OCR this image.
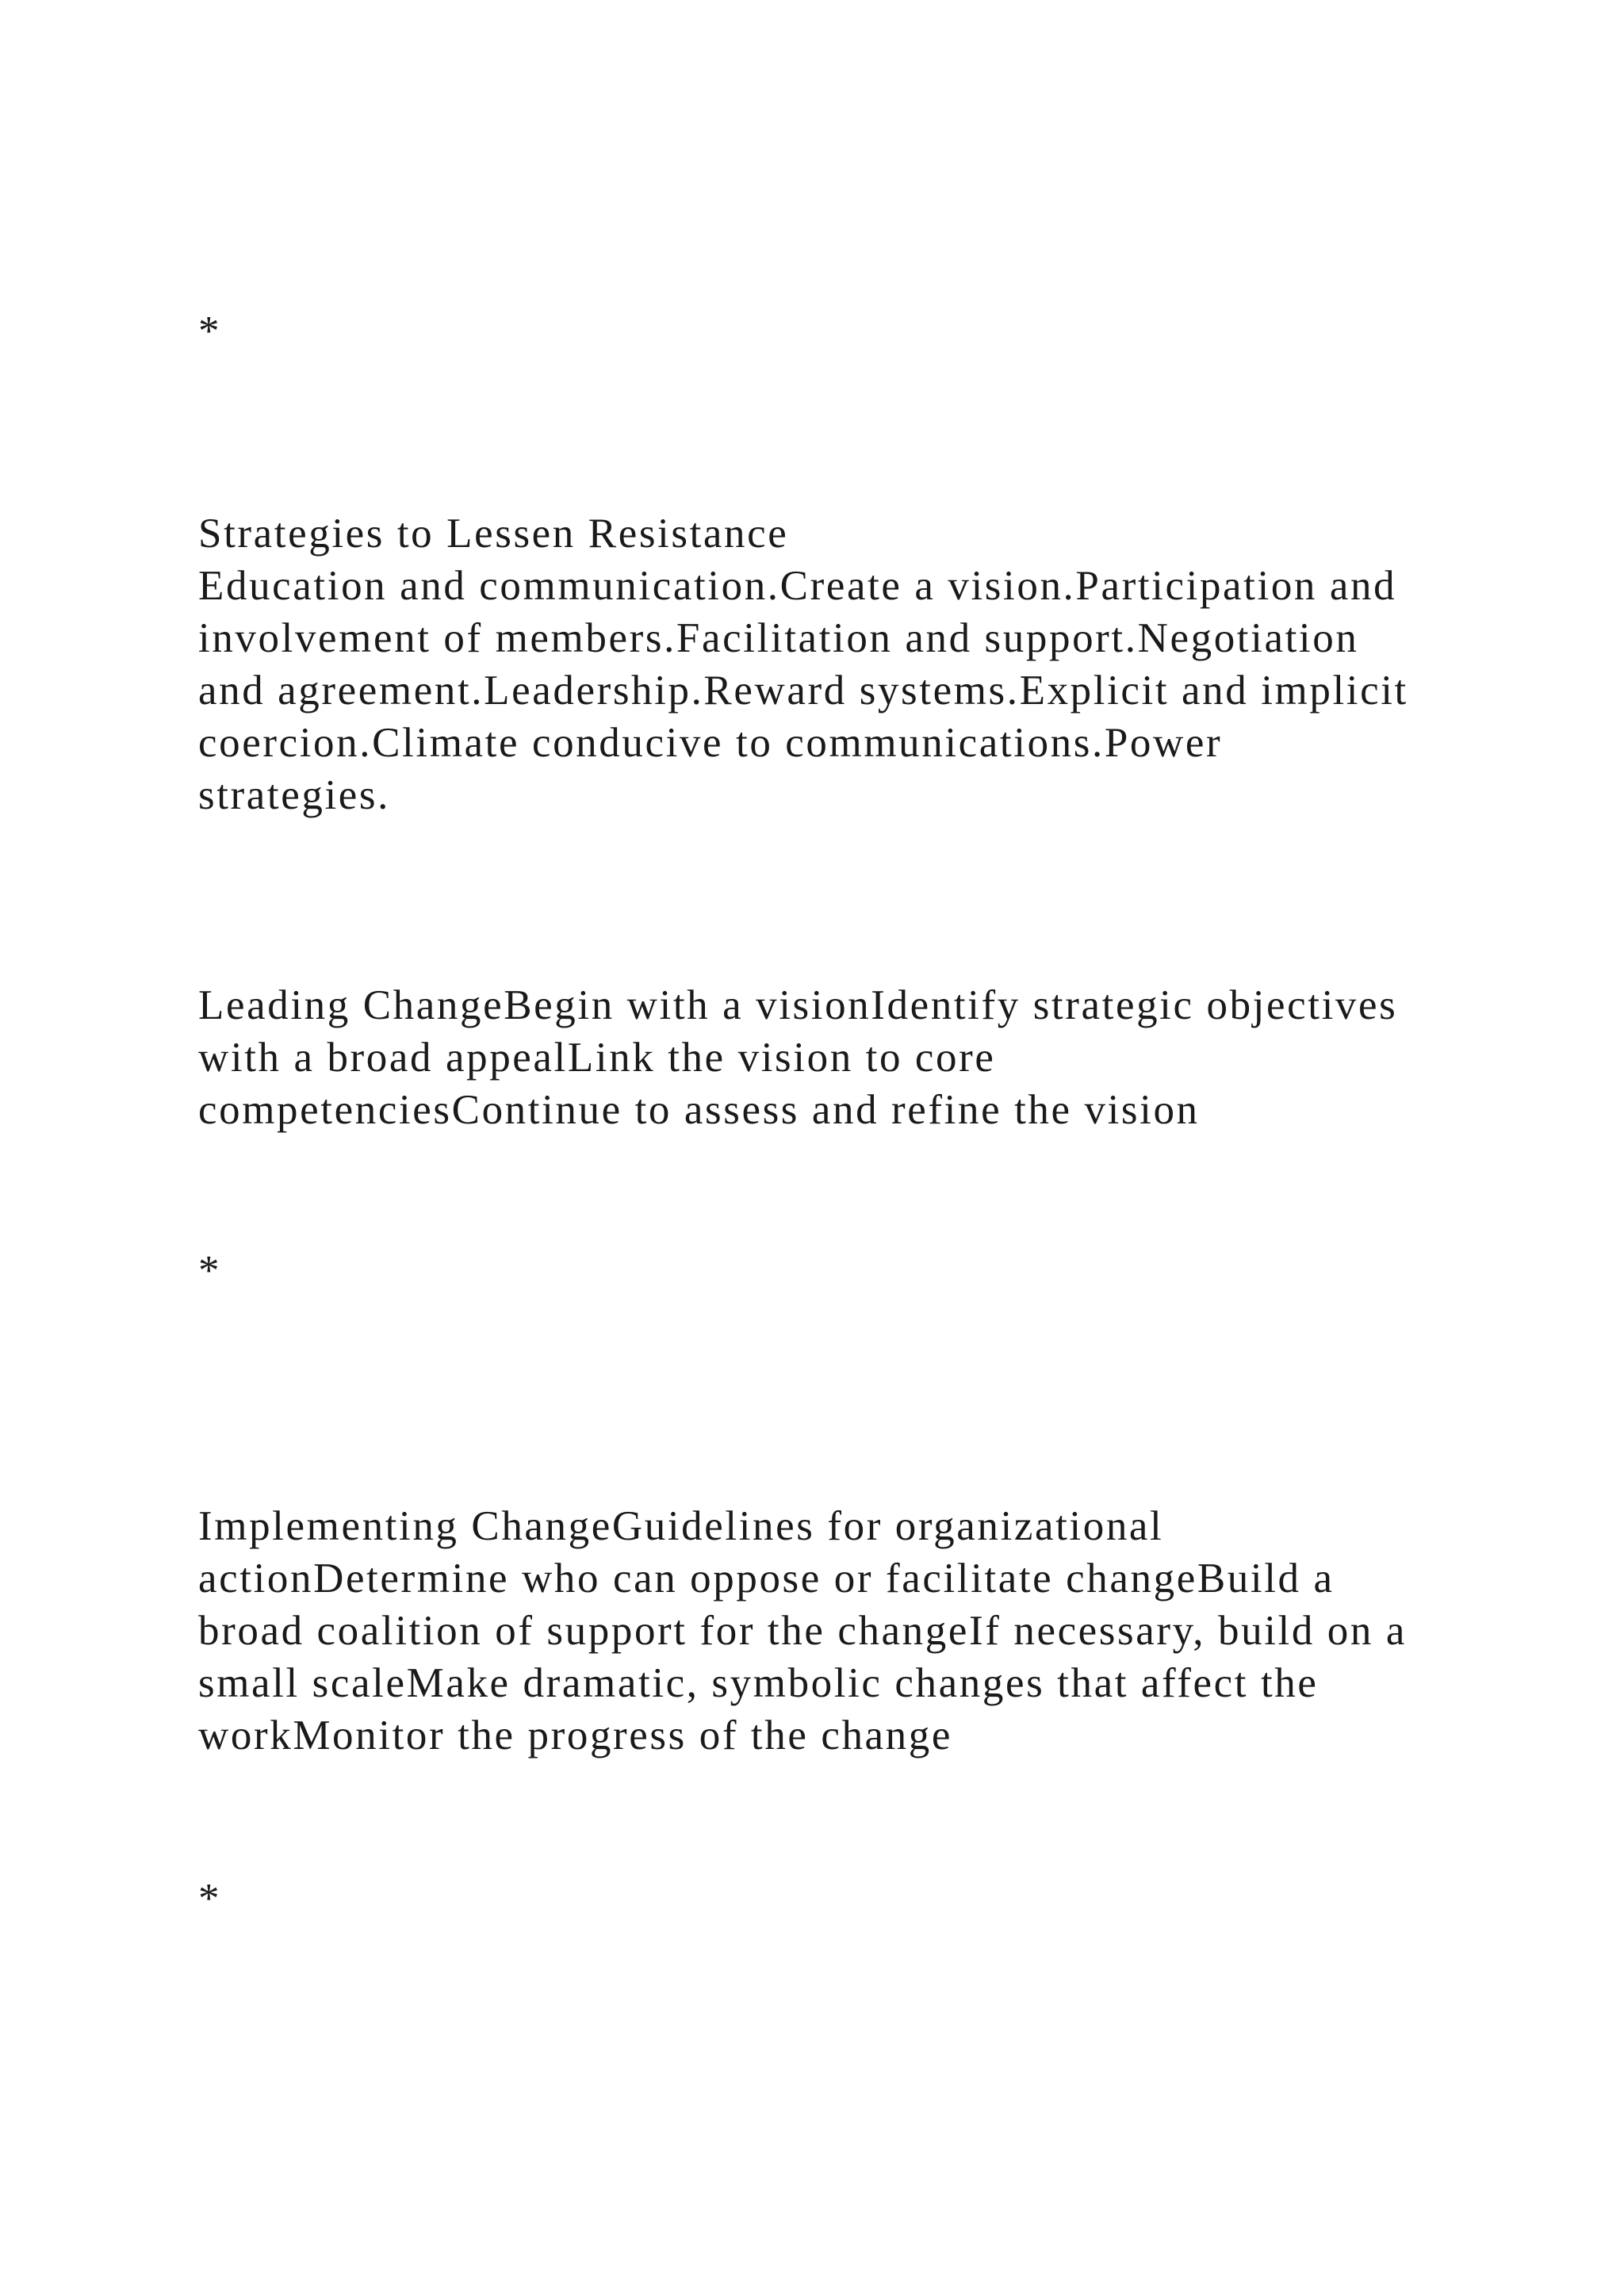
*

Strategies to Lessen Resistance

Education and communication.Create a vision.Participation and

involvement of members.Facilitation and support.Negotiation

and agreement.Leadership.Reward systems.Explicit and implicit

coercion.Climate conducive to communications.Power

strategies.

Leading ChangeBegin with a visionIdentify strategic objectives

with a broad appealLink the vision to core

competenciesContinue to assess and refine the vision

*

Implementing ChangeGuidelines for organizational

actionDetermine who can oppose or facilitate changeBuild a

broad coalition of support for the changeIf necessary, build on a

small scaleMake dramatic, symbolic changes that affect the

workMonitor the progress of the change

*
